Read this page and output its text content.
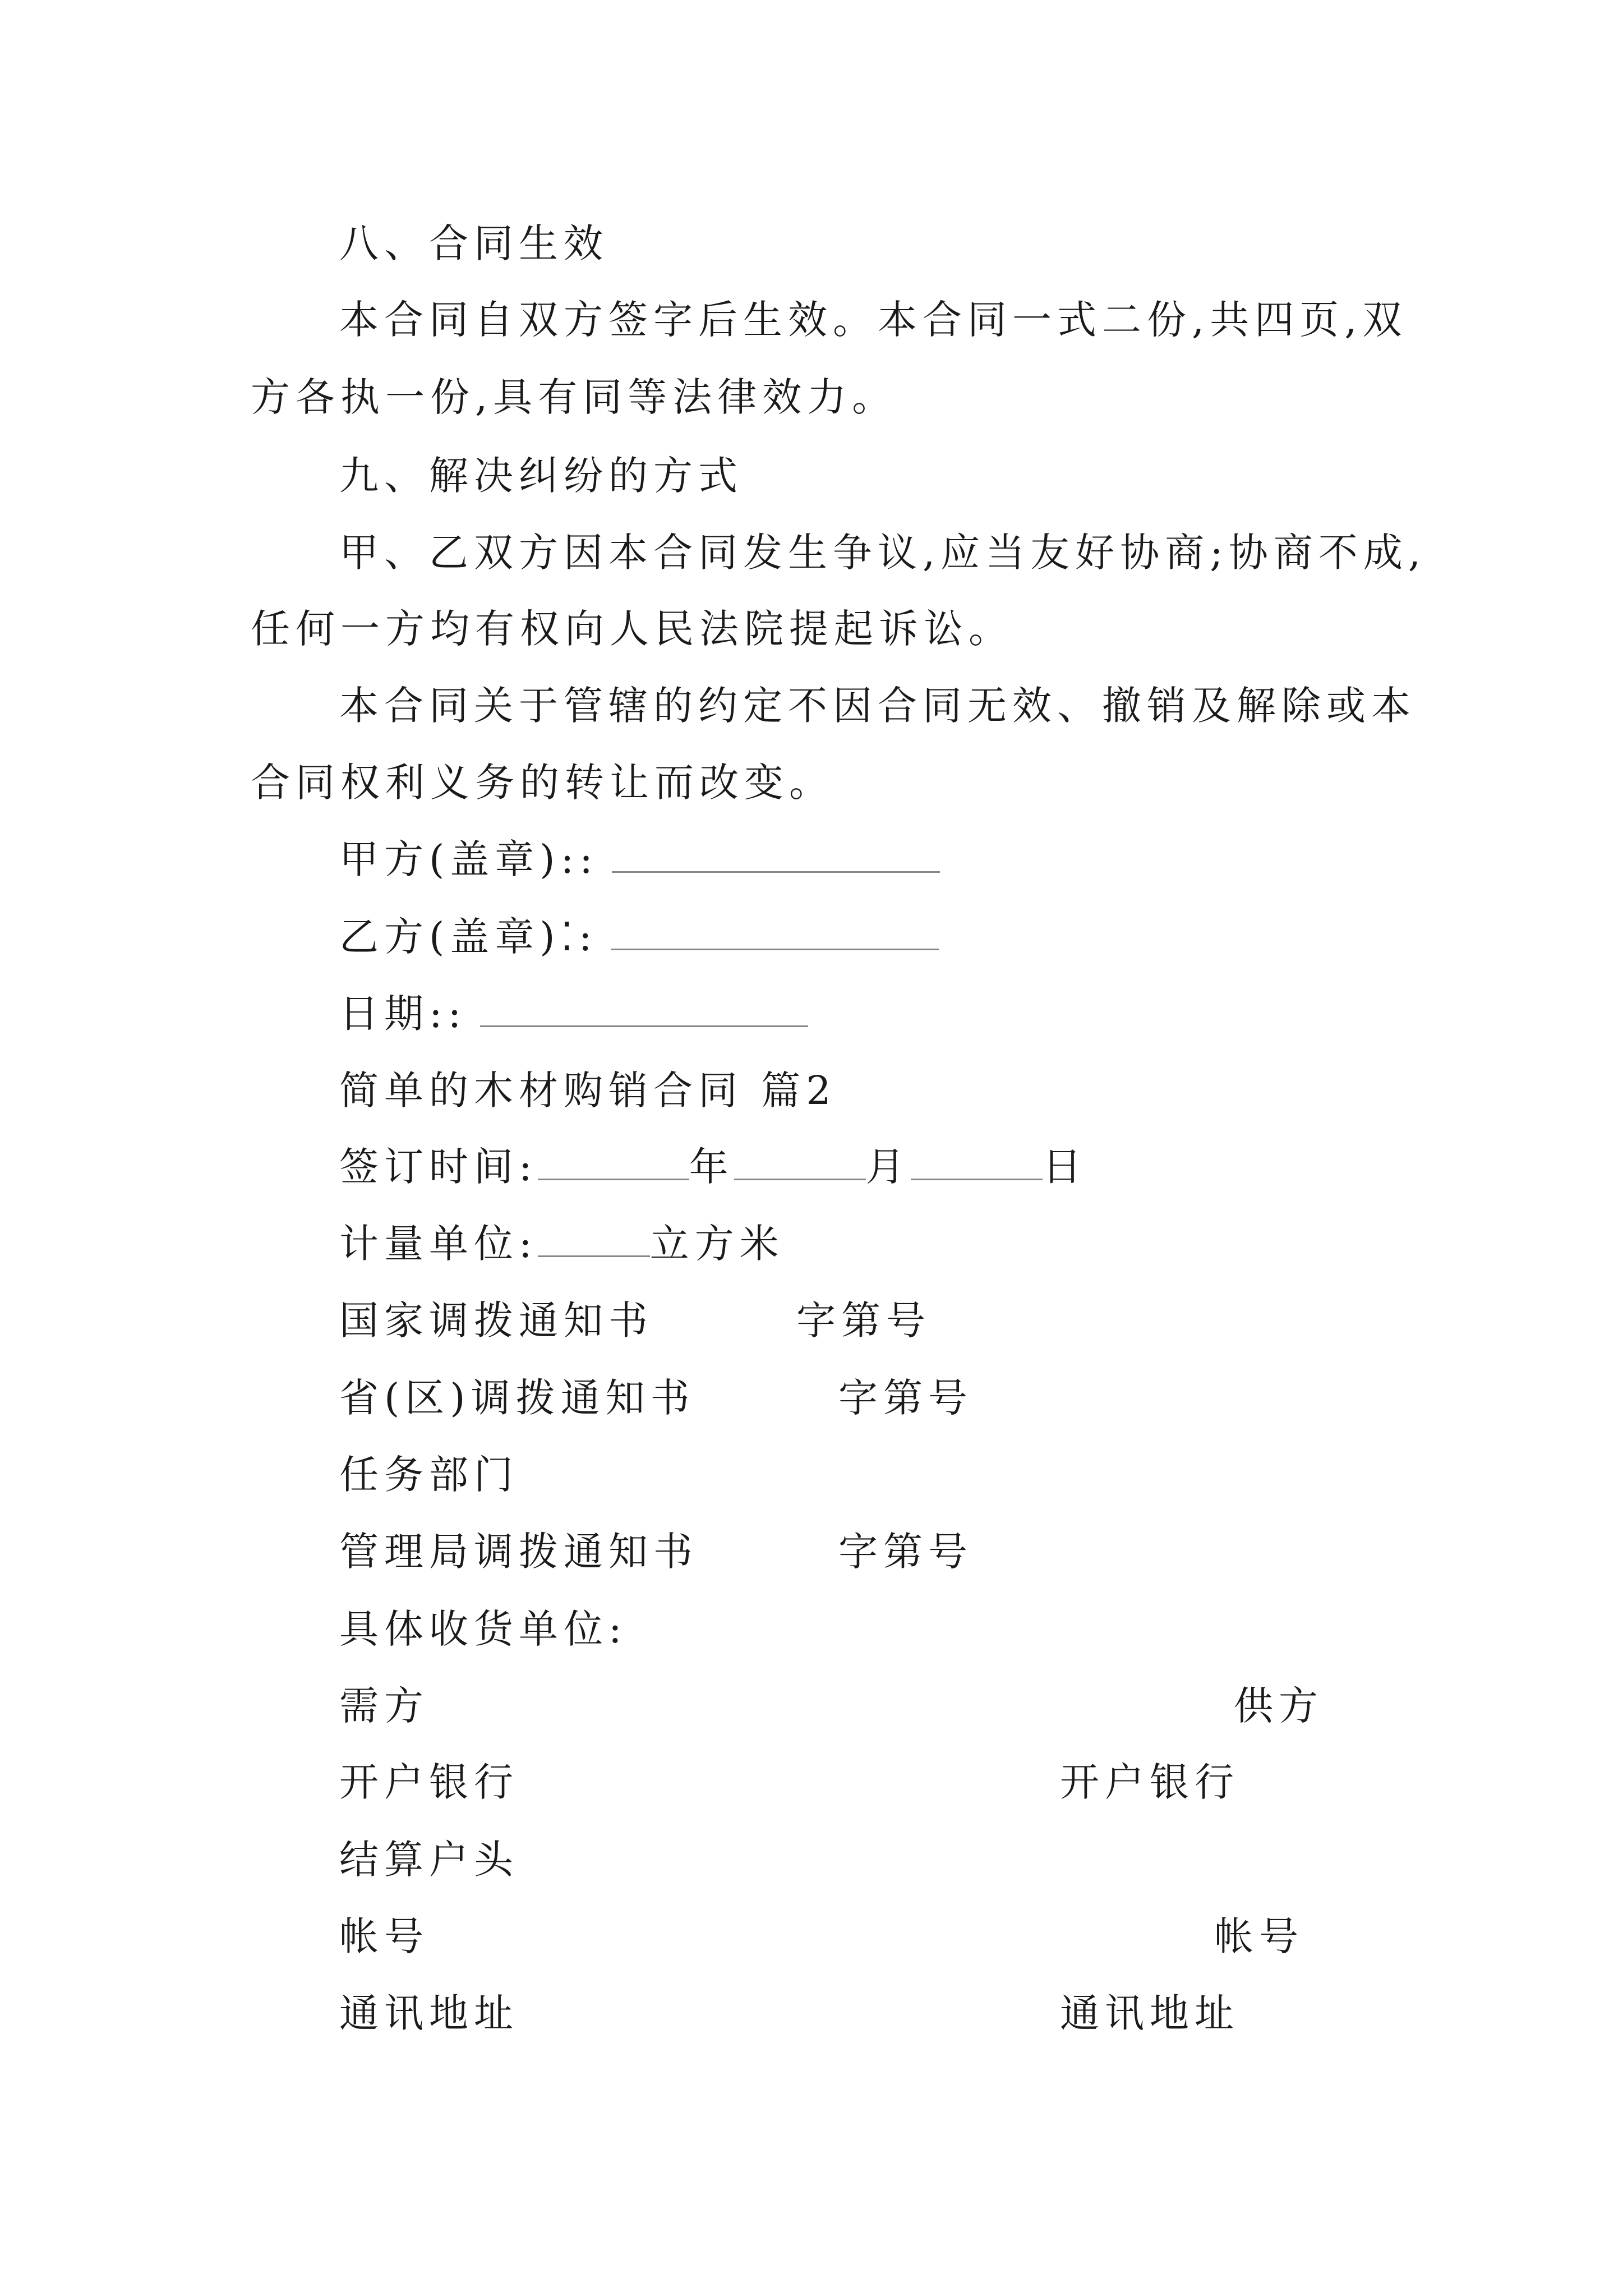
八、合同生效
本合同自双方签字后生效。本合同一式二份,共四页,双
方各执一份,具有同等法律效力。
九、解决纠纷的方式
甲、乙双方因本合同发生争议,应当友好协商;协商不成,
任何一方均有权向人民法院提起诉讼。
本合同关于管辖的约定不因合同无效、撤销及解除或本
合同权利义务的转让而改变。
甲方(盖章)::
乙方(盖章)⁚:
日期::
简单的木材购销合同 篇2
签订时间:	年	月	日
计量单位:	立方米
国家调拨通知书	字第号
省(区)调拨通知书	字第号
任务部门
管理局调拨通知书	字第号
具体收货单位:
需方	供方
开户银行	开户银行
结算户头
帐号	帐号
通讯地址	通讯地址
